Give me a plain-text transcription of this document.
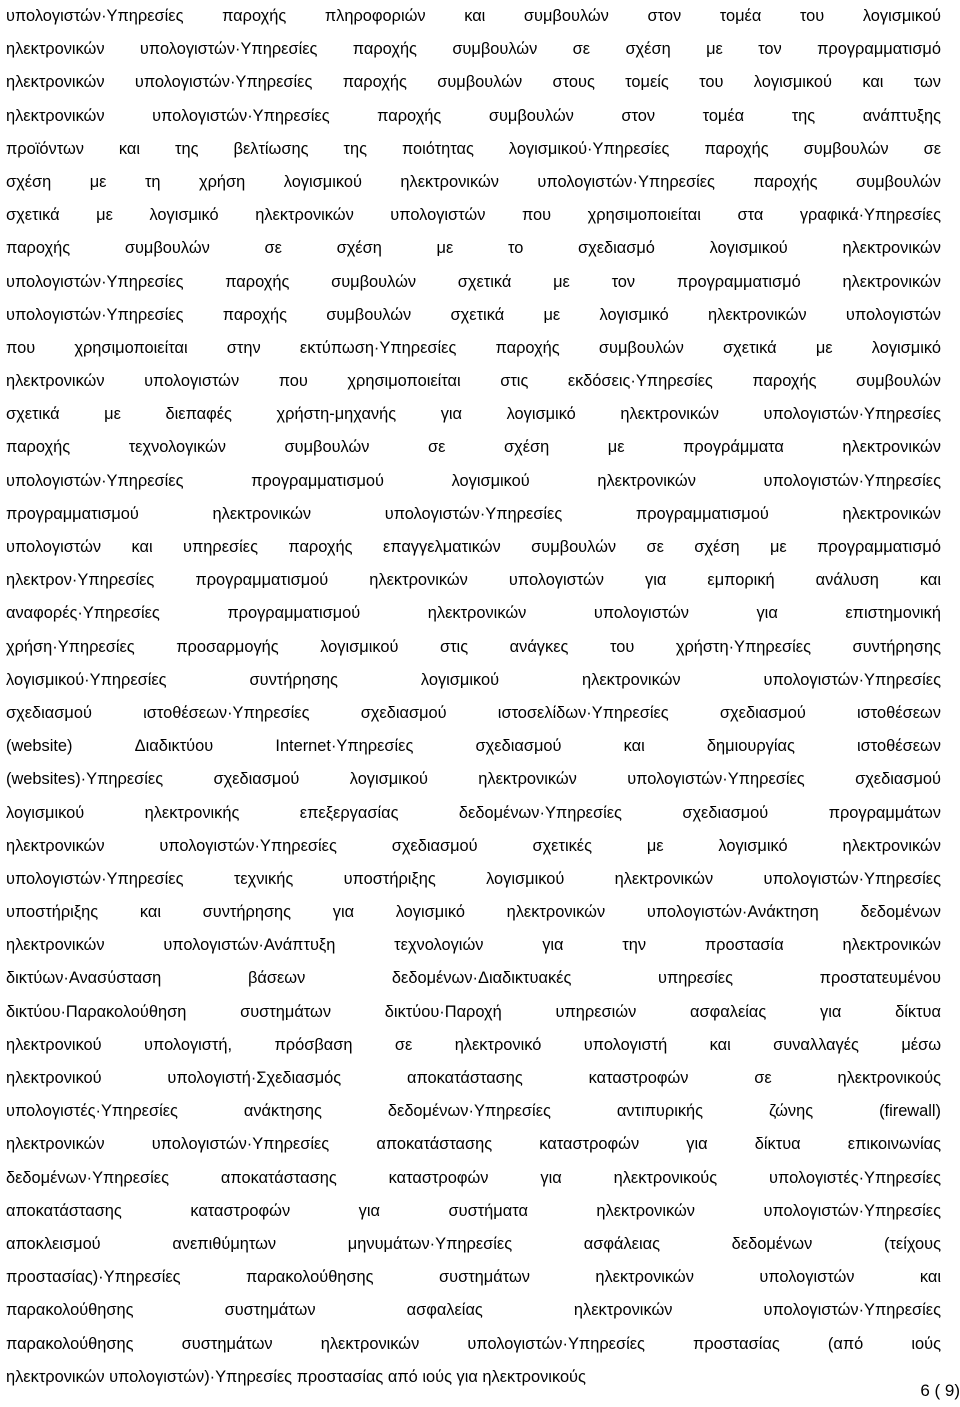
υπολογιστών·Υπηρεσίες παροχής πληροφοριών και συμβουλών στον τομέα του λογισμικού
ηλεκτρονικών υπολογιστών·Υπηρεσίες παροχής συμβουλών σε σχέση με τον προγραμματισμό
ηλεκτρονικών υπολογιστών·Υπηρεσίες παροχής συμβουλών στους τομείς του λογισμικού και των
ηλεκτρονικών υπολογιστών·Υπηρεσίες παροχής συμβουλών στον τομέα της ανάπτυξης
προϊόντων και της βελτίωσης της ποιότητας λογισμικού·Υπηρεσίες παροχής συμβουλών σε
σχέση με τη χρήση λογισμικού ηλεκτρονικών υπολογιστών·Υπηρεσίες παροχής συμβουλών
σχετικά με λογισμικό ηλεκτρονικών υπολογιστών που χρησιμοποιείται στα γραφικά·Υπηρεσίες
παροχής συμβουλών σε σχέση με το σχεδιασμό λογισμικού ηλεκτρονικών
υπολογιστών·Υπηρεσίες παροχής συμβουλών σχετικά με τον προγραμματισμό ηλεκτρονικών
υπολογιστών·Υπηρεσίες παροχής συμβουλών σχετικά με λογισμικό ηλεκτρονικών υπολογιστών
που χρησιμοποιείται στην εκτύπωση·Υπηρεσίες παροχής συμβουλών σχετικά με λογισμικό
ηλεκτρονικών υπολογιστών που χρησιμοποιείται στις εκδόσεις·Υπηρεσίες παροχής συμβουλών
σχετικά με διεπαφές χρήστη-μηχανής για λογισμικό ηλεκτρονικών υπολογιστών·Υπηρεσίες
παροχής τεχνολογικών συμβουλών σε σχέση με προγράμματα ηλεκτρονικών
υπολογιστών·Υπηρεσίες προγραμματισμού λογισμικού ηλεκτρονικών υπολογιστών·Υπηρεσίες
προγραμματισμού ηλεκτρονικών υπολογιστών·Υπηρεσίες προγραμματισμού ηλεκτρονικών
υπολογιστών και υπηρεσίες παροχής επαγγελματικών συμβουλών σε σχέση με προγραμματισμό
ηλεκτρον·Υπηρεσίες προγραμματισμού ηλεκτρονικών υπολογιστών για εμπορική ανάλυση και
αναφορές·Υπηρεσίες προγραμματισμού ηλεκτρονικών υπολογιστών για επιστημονική
χρήση·Υπηρεσίες προσαρμογής λογισμικού στις ανάγκες του χρήστη·Υπηρεσίες συντήρησης
λογισμικού·Υπηρεσίες συντήρησης λογισμικού ηλεκτρονικών υπολογιστών·Υπηρεσίες
σχεδιασμού ιστοθέσεων·Υπηρεσίες σχεδιασμού ιστοσελίδων·Υπηρεσίες σχεδιασμού ιστοθέσεων
(website) Διαδικτύου Internet·Υπηρεσίες σχεδιασμού και δημιουργίας ιστοθέσεων
(websites)·Υπηρεσίες σχεδιασμού λογισμικού ηλεκτρονικών υπολογιστών·Υπηρεσίες σχεδιασμού
λογισμικού ηλεκτρονικής επεξεργασίας δεδομένων·Υπηρεσίες σχεδιασμού προγραμμάτων
ηλεκτρονικών υπολογιστών·Υπηρεσίες σχεδιασμού σχετικές με λογισμικό ηλεκτρονικών
υπολογιστών·Υπηρεσίες τεχνικής υποστήριξης λογισμικού ηλεκτρονικών υπολογιστών·Υπηρεσίες
υποστήριξης και συντήρησης για λογισμικό ηλεκτρονικών υπολογιστών·Ανάκτηση δεδομένων
ηλεκτρονικών υπολογιστών·Ανάπτυξη τεχνολογιών για την προστασία ηλεκτρονικών
δικτύων·Ανασύσταση βάσεων δεδομένων·Διαδικτυακές υπηρεσίες προστατευμένου
δικτύου·Παρακολούθηση συστημάτων δικτύου·Παροχή υπηρεσιών ασφαλείας για δίκτυα
ηλεκτρονικού υπολογιστή, πρόσβαση σε ηλεκτρονικό υπολογιστή και συναλλαγές μέσω
ηλεκτρονικού υπολογιστή·Σχεδιασμός αποκατάστασης καταστροφών σε ηλεκτρονικούς
υπολογιστές·Υπηρεσίες ανάκτησης δεδομένων·Υπηρεσίες αντιπυρικής ζώνης (firewall)
ηλεκτρονικών υπολογιστών·Υπηρεσίες αποκατάστασης καταστροφών για δίκτυα επικοινωνίας
δεδομένων·Υπηρεσίες αποκατάστασης καταστροφών για ηλεκτρονικούς υπολογιστές·Υπηρεσίες
αποκατάστασης καταστροφών για συστήματα ηλεκτρονικών υπολογιστών·Υπηρεσίες
αποκλεισμού ανεπιθύμητων μηνυμάτων·Υπηρεσίες ασφάλειας δεδομένων (τείχους
προστασίας)·Υπηρεσίες παρακολούθησης συστημάτων ηλεκτρονικών υπολογιστών και
παρακολούθησης συστημάτων ασφαλείας ηλεκτρονικών υπολογιστών·Υπηρεσίες
παρακολούθησης συστημάτων ηλεκτρονικών υπολογιστών·Υπηρεσίες προστασίας (από ιούς
ηλεκτρονικών υπολογιστών)·Υπηρεσίες προστασίας από ιούς για ηλεκτρονικούς
6 ( 9)
